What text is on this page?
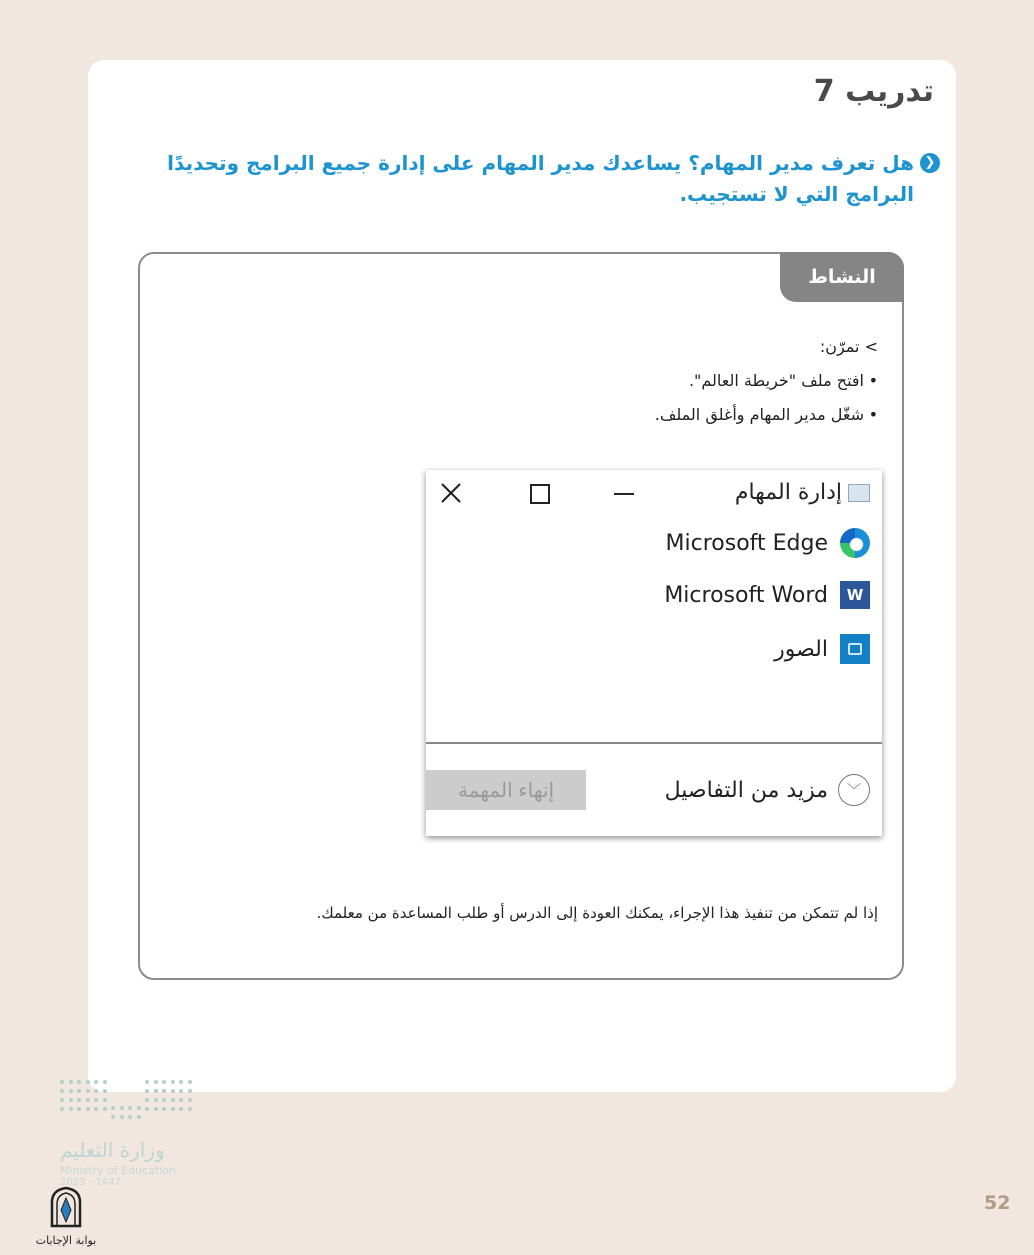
تدريب 7
❮
هل تعرف مدير المهام؟ يساعدك مدير المهام على إدارة جميع البرامج وتحديدًا البرامج التي لا تستجيب.
النشاط
> تمرّن:
• افتح ملف "خريطة العالم".
• شغّل مدير المهام وأغلق الملف.
إدارة المهام
Microsoft Edge
Microsoft Word	W
الصور
﹀
مزيد من التفاصيل
إنهاء المهمة
إذا لم تتمكن من تنفيذ هذا الإجراء، يمكنك العودة إلى الدرس أو طلب المساعدة من معلمك.
وزارة التعليم
Ministry of Education
2023 - 1447
بوابة الإجابات
52
